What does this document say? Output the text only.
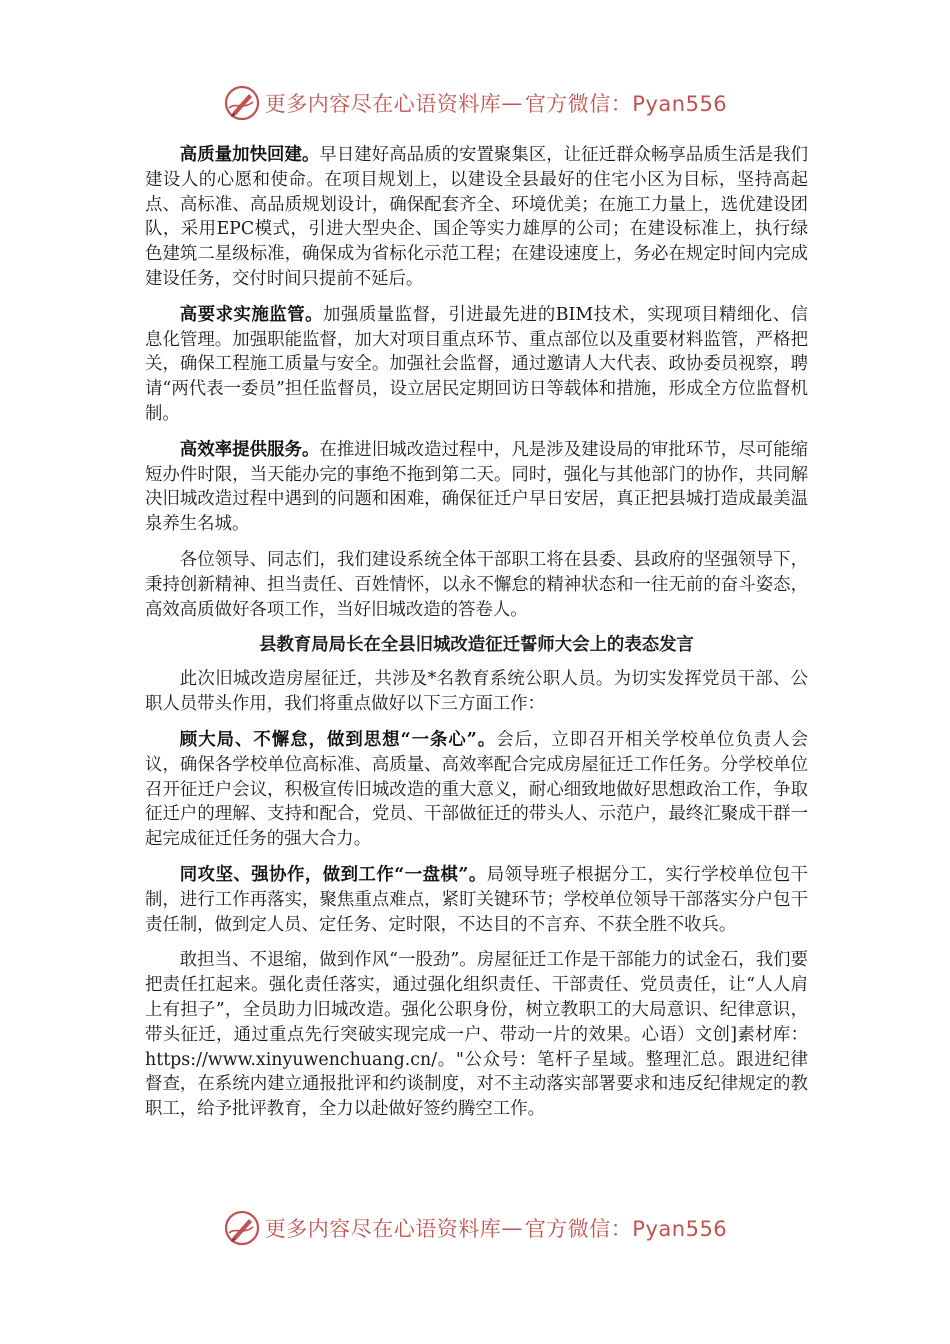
更多内容尽在心语资料库 — 官方微信：Pyan556

高质量加快回建。早日建好高品质的安置聚集区，让征迁群众畅享品质生活是我们建设人的心愿和使命。在项目规划上，以建设全县最好的住宅小区为目标，坚持高起点、高标准、高品质规划设计，确保配套齐全、环境优美；在施工力量上，选优建设团队，采用EPC模式，引进大型央企、国企等实力雄厚的公司；在建设标准上，执行绿色建筑二星级标准，确保成为省标化示范工程；在建设速度上，务必在规定时间内完成建设任务，交付时间只提前不延后。

高要求实施监管。加强质量监督，引进最先进的BIM技术，实现项目精细化、信息化管理。加强职能监督，加大对项目重点环节、重点部位以及重要材料监管，严格把关，确保工程施工质量与安全。加强社会监督，通过邀请人大代表、政协委员视察，聘请“两代表一委员”担任监督员，设立居民定期回访日等载体和措施，形成全方位监督机制。

高效率提供服务。在推进旧城改造过程中，凡是涉及建设局的审批环节，尽可能缩短办件时限，当天能办完的事绝不拖到第二天。同时，强化与其他部门的协作，共同解决旧城改造过程中遇到的问题和困难，确保征迁户早日安居，真正把县城打造成最美温泉养生名城。

各位领导、同志们，我们建设系统全体干部职工将在县委、县政府的坚强领导下，秉持创新精神、担当责任、百姓情怀，以永不懈怠的精神状态和一往无前的奋斗姿态，高效高质做好各项工作，当好旧城改造的答卷人。

县教育局局长在全县旧城改造征迁誓师大会上的表态发言

此次旧城改造房屋征迁，共涉及*名教育系统公职人员。为切实发挥党员干部、公职人员带头作用，我们将重点做好以下三方面工作：

顾大局、不懈怠，做到思想“一条心”。会后，立即召开相关学校单位负责人会议，确保各学校单位高标准、高质量、高效率配合完成房屋征迁工作任务。分学校单位召开征迁户会议，积极宣传旧城改造的重大意义，耐心细致地做好思想政治工作，争取征迁户的理解、支持和配合，党员、干部做征迁的带头人、示范户，最终汇聚成干群一起完成征迁任务的强大合力。

同攻坚、强协作，做到工作“一盘棋”。局领导班子根据分工，实行学校单位包干制，进行工作再落实，聚焦重点难点，紧盯关键环节；学校单位领导干部落实分户包干责任制，做到定人员、定任务、定时限，不达目的不言弃、不获全胜不收兵。

敢担当、不退缩，做到作风“一股劲”。房屋征迁工作是干部能力的试金石，我们要把责任扛起来。强化责任落实，通过强化组织责任、干部责任、党员责任，让“人人肩上有担子”，全员助力旧城改造。强化公职身份，树立教职工的大局意识、纪律意识，带头征迁，通过重点先行突破实现完成一户、带动一片的效果。心语）文创]素材库：https://www.xinyuwenchuang.cn/。"公众号：笔杆子星域。整理汇总。跟进纪律督查，在系统内建立通报批评和约谈制度，对不主动落实部署要求和违反纪律规定的教职工，给予批评教育，全力以赴做好签约腾空工作。

更多内容尽在心语资料库 — 官方微信：Pyan556
